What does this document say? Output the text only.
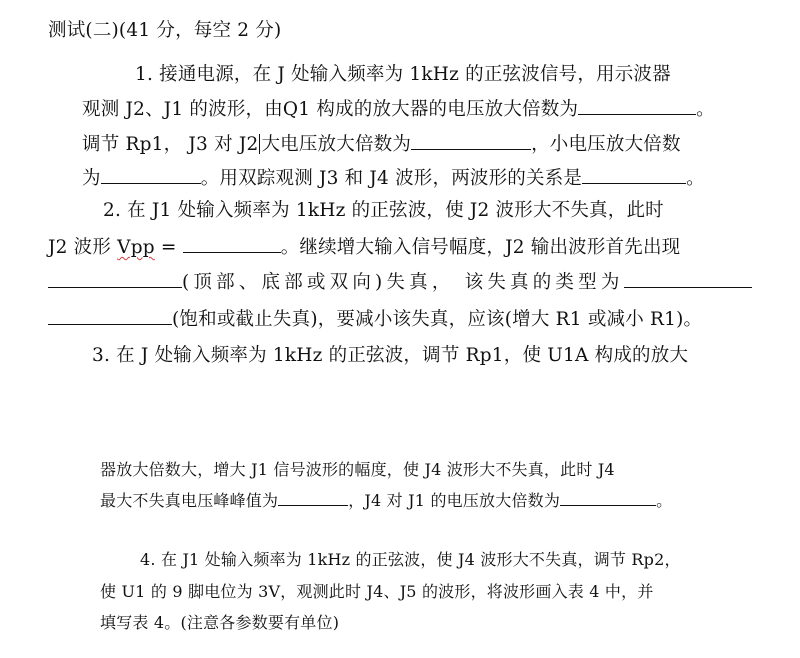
测试(二)(41 分，每空 2 分)

1. 接通电源，在 J 处输入频率为 1kHz 的正弦波信号，用示波器

观测 J2、J1 的波形，由Q1 构成的放大器的电压放大倍数为	。

调节 Rp1， J3 对 J2 大电压放大倍数为	，小电压放大倍数

为	。用双踪观测 J3 和 J4 波形，两波形的关系是	。

2. 在 J1 处输入频率为 1kHz 的正弦波，使 J2 波形大不失真，此时

J2 波形 Vpp =	。继续增大输入信号幅度，J2 输出波形首先出现

(顶部、底部或双向)失真， 该失真的类型为

(饱和或截止失真)，要减小该失真，应该(增大 R1 或减小 R1)。

3. 在 J 处输入频率为 1kHz 的正弦波，调节 Rp1，使 U1A 构成的放大

器放大倍数大，增大 J1 信号波形的幅度，使 J4 波形大不失真，此时 J4

最大不失真电压峰峰值为	，J4 对 J1 的电压放大倍数为	。

4. 在 J1 处输入频率为 1kHz 的正弦波，使 J4 波形大不失真，调节 Rp2，

使 U1 的 9 脚电位为 3V，观测此时 J4、J5 的波形，将波形画入表 4 中，并

填写表 4。(注意各参数要有单位)
